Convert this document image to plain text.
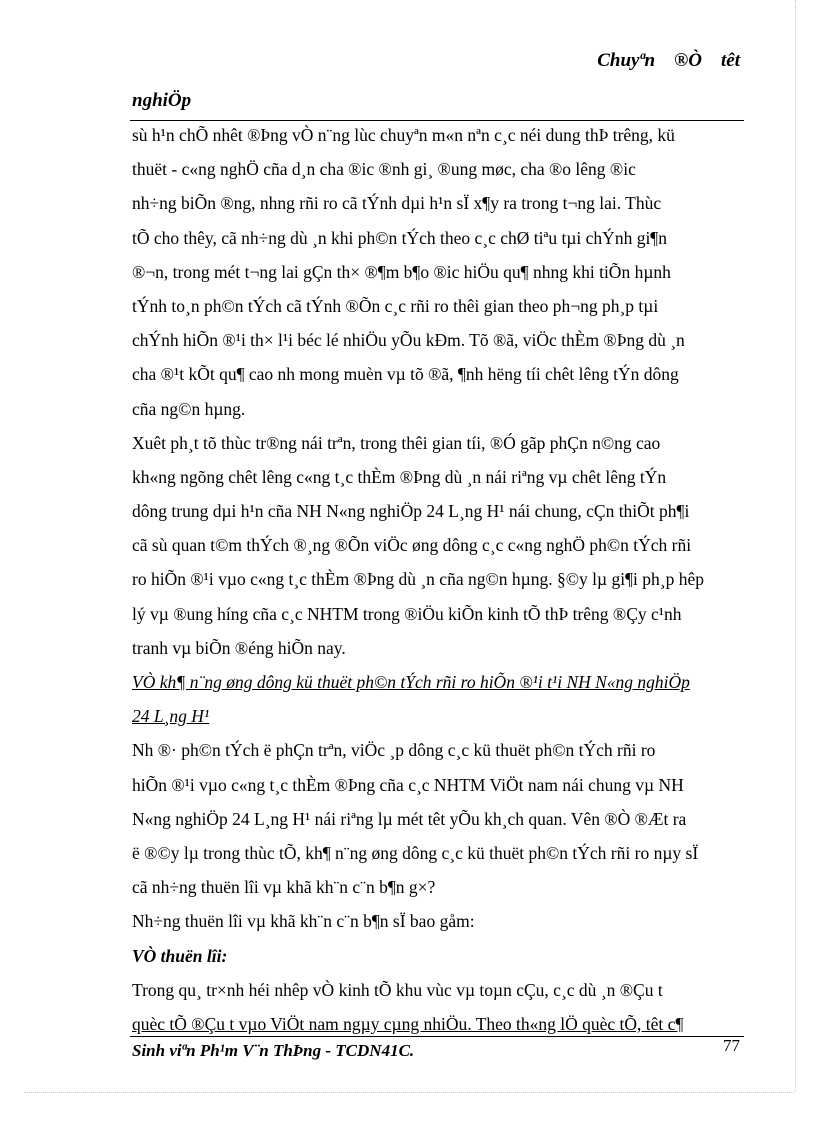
Chuyªn    ®Ò    têt
nghiÖp
sù h¹n chÕ nhêt ®Þng vÒ n¨ng lùc chuyªn m«n nªn c¸c néi dung thÞ trêng, kü
thuët - c«ng nghÖ cña d¸n cha ®ic ®nh gi¸ ®ung møc, cha ®o lêng ®ic
nh÷ng biÕn ®ng, nhng rñi ro cã tÝnh dµi h¹n sÏ x¶y ra trong t¬ng lai. Thùc
tÕ cho thêy, cã nh÷ng dù ¸n khi ph©n tÝch theo c¸c chØ tiªu tµi chÝnh gi¶n
®¬n, trong mét t¬ng lai gÇn th× ®¶m b¶o ®ic hiÖu qu¶ nhng khi tiÕn hµnh
tÝnh to¸n ph©n tÝch cã tÝnh ®Õn c¸c rñi ro thêi gian theo ph¬ng ph¸p tµi
chÝnh hiÕn ®¹i th× l¹i béc lé nhiÖu yÕu kÐm. Tõ ®ã, viÖc thÈm ®Þng dù ¸n
cha ®¹t kÕt qu¶ cao nh mong muèn vµ tõ ®ã, ¶nh hëng tíi chêt lêng tÝn dông
cña ng©n hµng.
Xuêt ph¸t tõ thùc tr®ng nái trªn, trong thêi gian tíi, ®Ó gãp phÇn n©ng cao
kh«ng ngõng chêt lêng c«ng t¸c thÈm ®Þng dù ¸n nái riªng vµ chêt lêng tÝn
dông trung dµi h¹n cña NH N«ng nghiÖp 24 L¸ng H¹ nái chung, cÇn thiÕt ph¶i
cã sù quan t©m thÝch ®¸ng ®Õn viÖc øng dông c¸c c«ng nghÖ ph©n tÝch rñi
ro hiÕn ®¹i vµo c«ng t¸c thÈm ®Þng dù ¸n cña ng©n hµng. §©y lµ gi¶i ph¸p hêp
lý vµ ®ung híng cña c¸c NHTM trong ®iÖu kiÕn kinh tÕ thÞ trêng ®Çy c¹nh
tranh vµ biÕn ®éng hiÕn nay.
VÒ kh¶ n¨ng øng dông kü thuët ph©n tÝch rñi ro hiÕn ®¹i t¹i NH N«ng nghiÖp
24 L¸ng H¹
Nh ®· ph©n tÝch ë phÇn trªn, viÖc ¸p dông c¸c kü thuët ph©n tÝch rñi ro
hiÕn ®¹i vµo c«ng t¸c thÈm ®Þng cña c¸c NHTM ViÖt nam nái chung vµ NH
N«ng nghiÖp 24 L¸ng H¹ nái riªng lµ mét têt yÕu kh¸ch quan. Vên ®Ò ®Æt ra
ë ®©y lµ trong thùc tÕ, kh¶ n¨ng øng dông c¸c kü thuët ph©n tÝch rñi ro nµy sÏ
cã nh÷ng thuën lîi vµ khã kh¨n c¨n b¶n g×?
Nh÷ng thuën lîi vµ khã kh¨n c¨n b¶n sÏ bao gåm:
VÒ thuën lîi:
Trong qu¸ tr×nh héi nhêp vÒ kinh tÕ khu vùc vµ toµn cÇu, c¸c dù ¸n ®Çu t
quèc tÕ ®Çu t vµo ViÖt nam ngµy cµng nhiÖu. Theo th«ng lÖ quèc tÕ, têt c¶
Sinh viªn Ph¹m V¨n ThÞng - TCDN41C.	77
